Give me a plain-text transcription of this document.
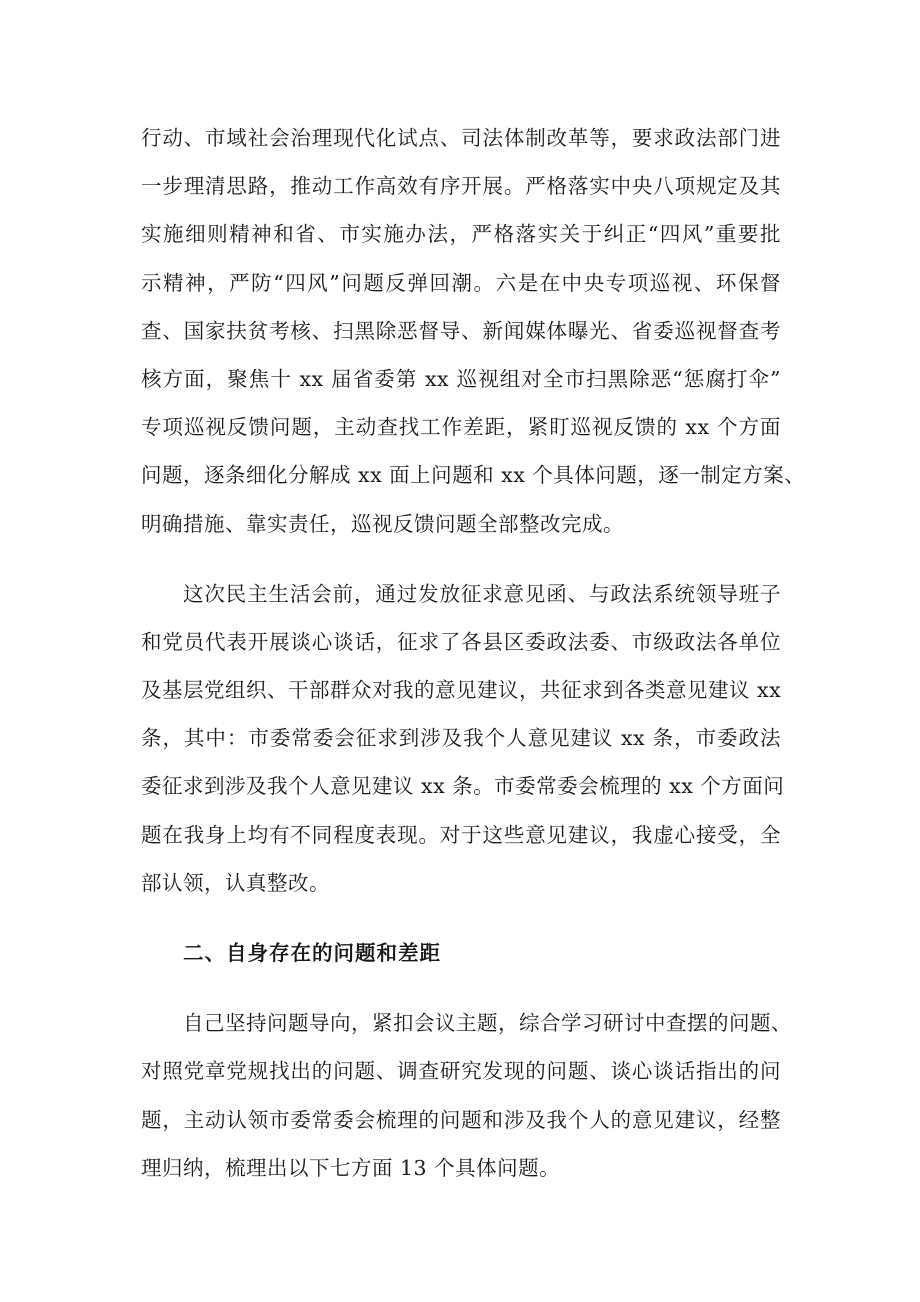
行动、市域社会治理现代化试点、司法体制改革等，要求政法部门进
一步理清思路，推动工作高效有序开展。严格落实中央八项规定及其
实施细则精神和省、市实施办法，严格落实关于纠正“四风”重要批
示精神，严防“四风”问题反弹回潮。六是在中央专项巡视、环保督
查、国家扶贫考核、扫黑除恶督导、新闻媒体曝光、省委巡视督查考
核方面，聚焦十 xx 届省委第 xx 巡视组对全市扫黑除恶“惩腐打伞”
专项巡视反馈问题，主动查找工作差距，紧盯巡视反馈的 xx 个方面
问题，逐条细化分解成 xx 面上问题和 xx 个具体问题，逐一制定方案、
明确措施、靠实责任，巡视反馈问题全部整改完成。
这次民主生活会前，通过发放征求意见函、与政法系统领导班子
和党员代表开展谈心谈话，征求了各县区委政法委、市级政法各单位
及基层党组织、干部群众对我的意见建议，共征求到各类意见建议 xx
条，其中：市委常委会征求到涉及我个人意见建议 xx 条，市委政法
委征求到涉及我个人意见建议 xx 条。市委常委会梳理的 xx 个方面问
题在我身上均有不同程度表现。对于这些意见建议，我虚心接受，全
部认领，认真整改。
二、自身存在的问题和差距
自己坚持问题导向，紧扣会议主题，综合学习研讨中查摆的问题、
对照党章党规找出的问题、调查研究发现的问题、谈心谈话指出的问
题，主动认领市委常委会梳理的问题和涉及我个人的意见建议，经整
理归纳，梳理出以下七方面 13 个具体问题。
